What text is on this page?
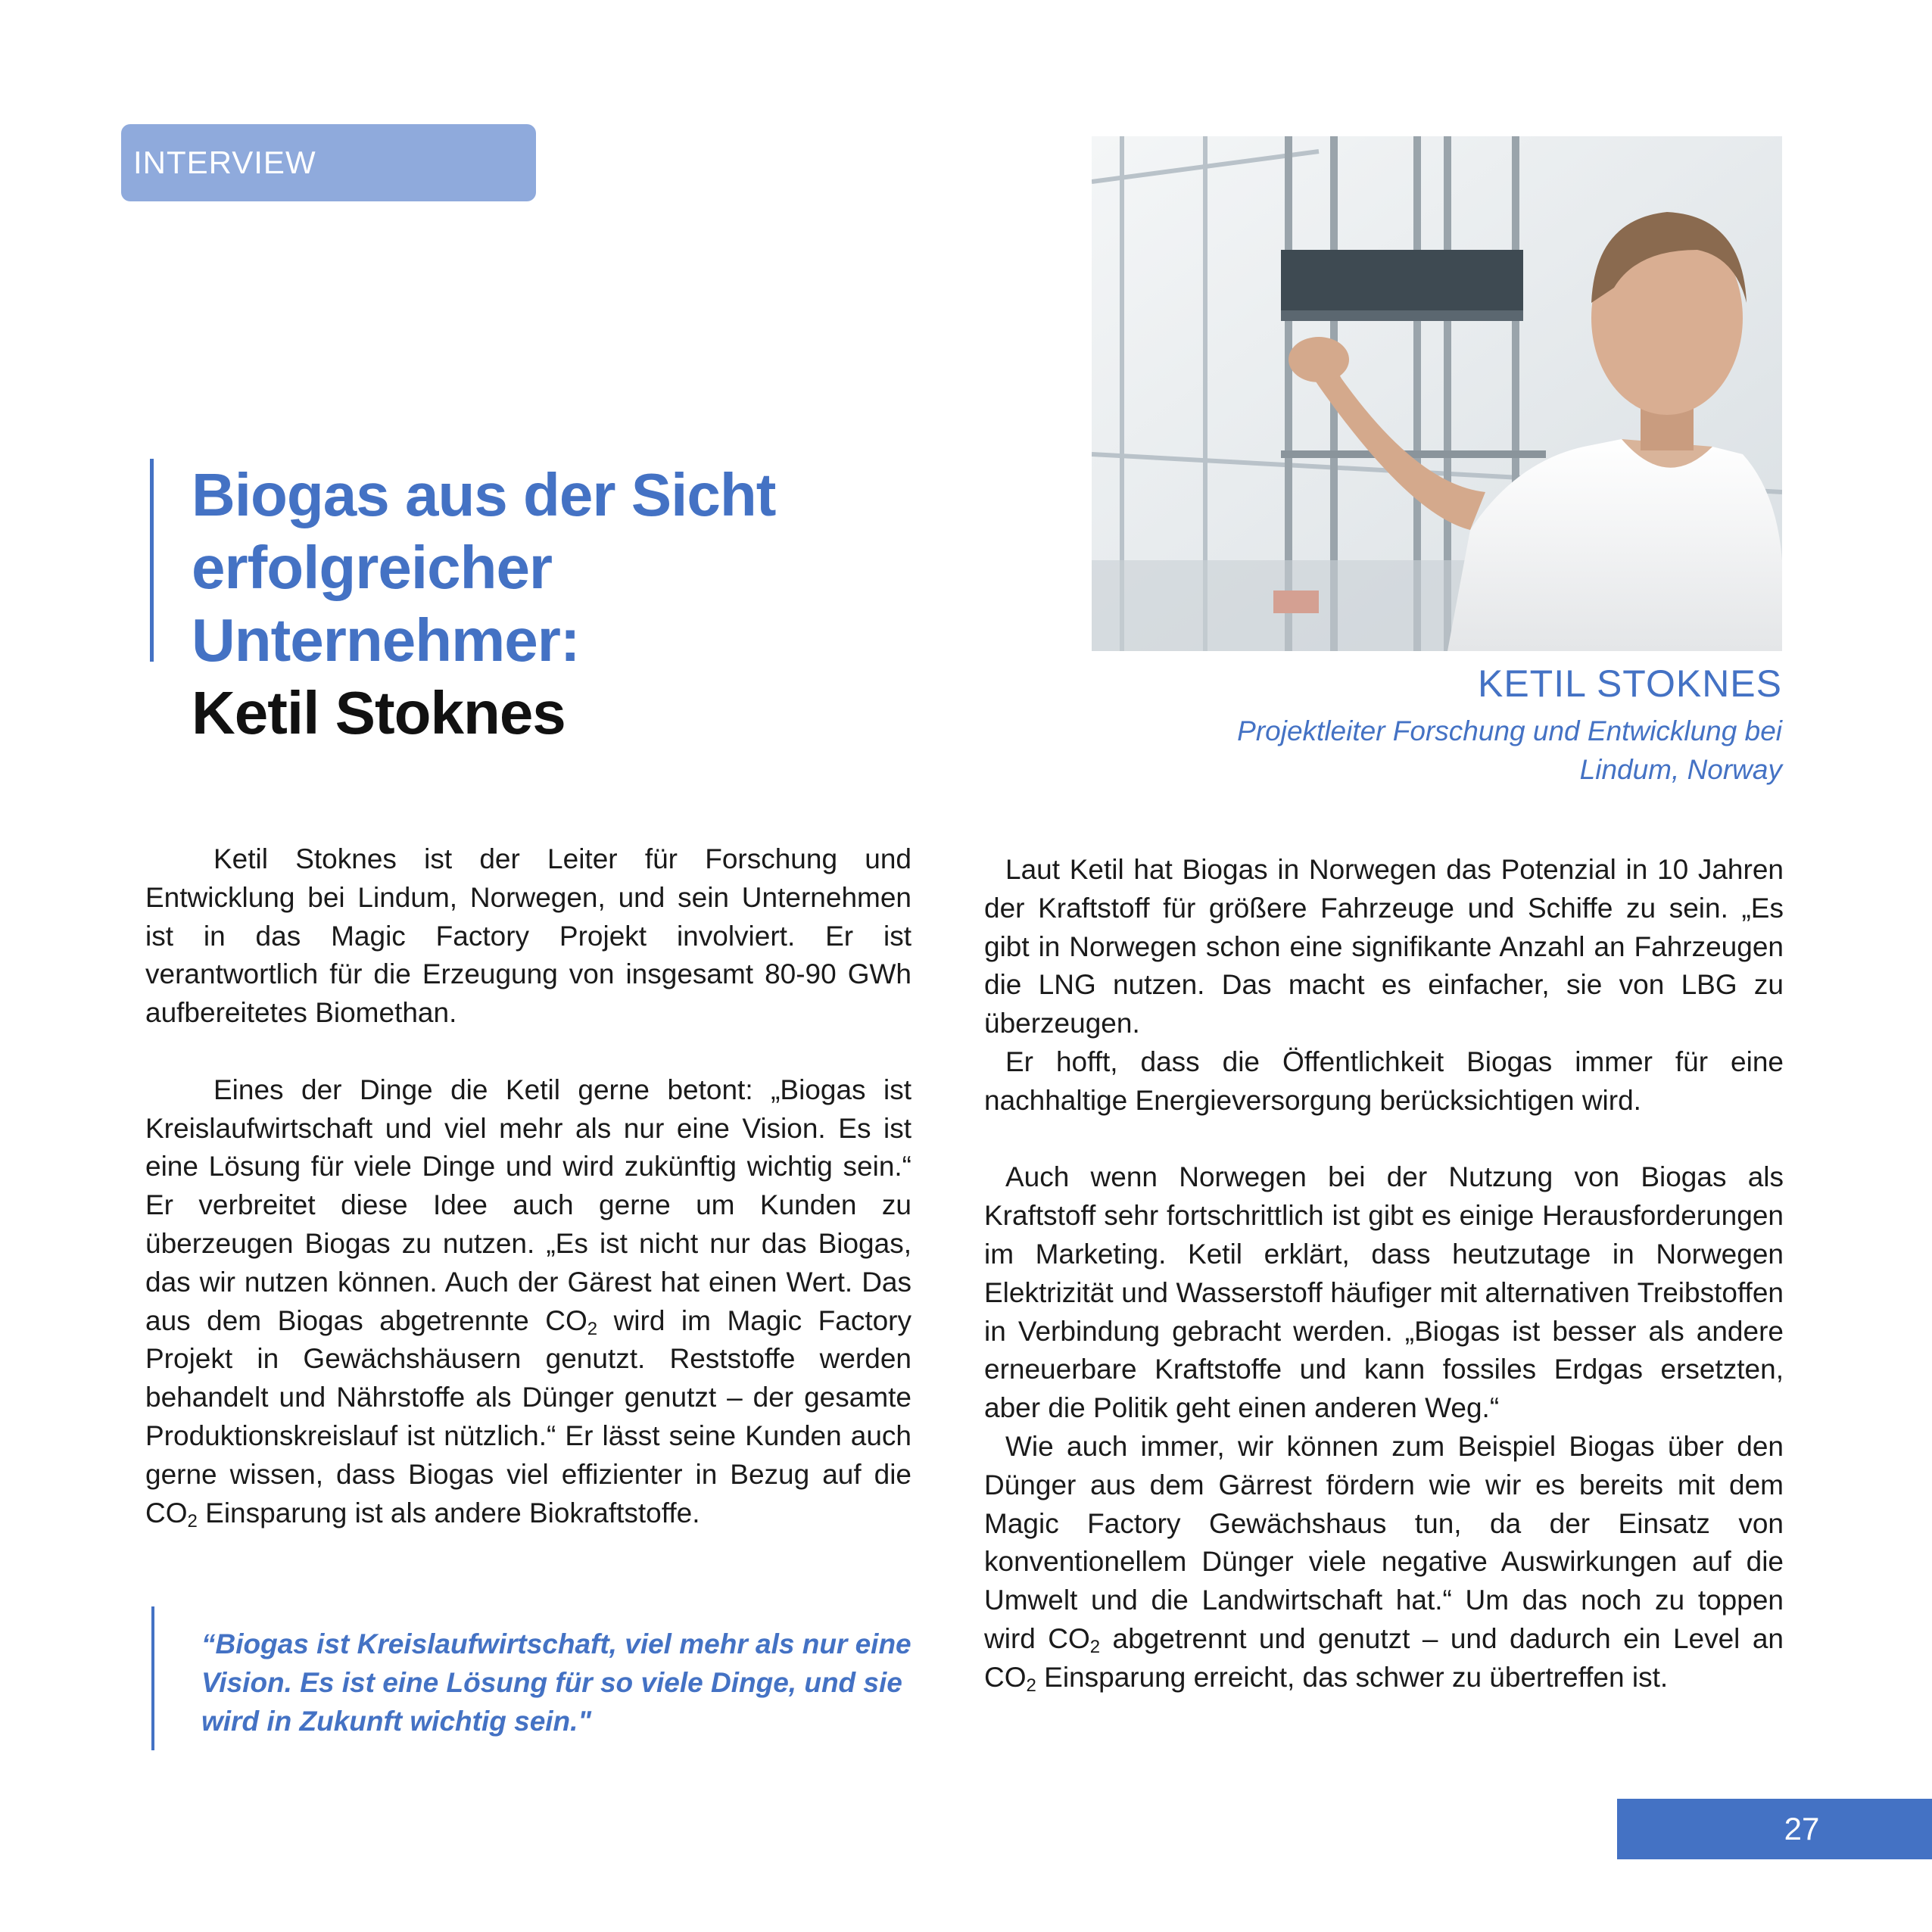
INTERVIEW
Biogas aus der Sicht
erfolgreicher Unternehmer:
Ketil Stoknes	KETIL STOKNES
Projektleiter Forschung und Entwicklung bei
Lindum, Norway

Ketil Stoknes ist der Leiter für Forschung und Entwicklung bei Lindum, Norwegen, und sein Unternehmen ist in das Magic Factory Projekt involviert. Er ist verantwortlich für die Erzeugung von insgesamt 80-90 GWh aufbereitetes Biomethan.

Eines der Dinge die Ketil gerne betont: „Biogas ist Kreislaufwirtschaft und viel mehr als nur eine Vision. Es ist eine Lösung für viele Dinge und wird zukünftig wichtig sein.“ Er verbreitet diese Idee auch gerne um Kunden zu überzeugen Biogas zu nutzen. „Es ist nicht nur das Biogas, das wir nutzen können. Auch der Gärest hat einen Wert. Das aus dem Biogas abgetrennte $CO_2$ wird im Magic Factory Projekt in Gewächshäusern genutzt. Reststoffe werden behandelt und Nährstoffe als Dünger genutzt – der gesamte Produktionskreislauf ist nützlich.“ Er lässt seine Kunden auch gerne wissen, dass Biogas viel effizienter in Bezug auf die $CO_2$ Einsparung ist als andere Biokraftstoffe.

“Biogas ist Kreislaufwirtschaft, viel mehr als nur eine Vision. Es ist eine Lösung für so viele Dinge, und sie wird in Zukunft wichtig sein."

Laut Ketil hat Biogas in Norwegen das Potenzial in 10 Jahren der Kraftstoff für größere Fahrzeuge und Schiffe zu sein. „Es gibt in Norwegen schon eine signifikante Anzahl an Fahrzeugen die LNG nutzen. Das macht es einfacher, sie von LBG zu überzeugen.

Er hofft, dass die Öffentlichkeit Biogas immer für eine nachhaltige Energieversorgung berücksichtigen wird.

Auch wenn Norwegen bei der Nutzung von Biogas als Kraftstoff sehr fortschrittlich ist gibt es einige Herausforderungen im Marketing. Ketil erklärt, dass heutzutage in Norwegen Elektrizität und Wasserstoff häufiger mit alternativen Treibstoffen in Verbindung gebracht werden. „Biogas ist besser als andere erneuerbare Kraftstoffe und kann fossiles Erdgas ersetzten, aber die Politik geht einen anderen Weg.“

Wie auch immer, wir können zum Beispiel Biogas über den Dünger aus dem Gärrest fördern wie wir es bereits mit dem Magic Factory Gewächshaus tun, da der Einsatz von konventionellem Dünger viele negative Auswirkungen auf die Umwelt und die Landwirtschaft hat.“ Um das noch zu toppen wird $CO_2$ abgetrennt und genutzt – und dadurch ein Level an $CO_2$ Einsparung erreicht, das schwer zu übertreffen ist.

27
